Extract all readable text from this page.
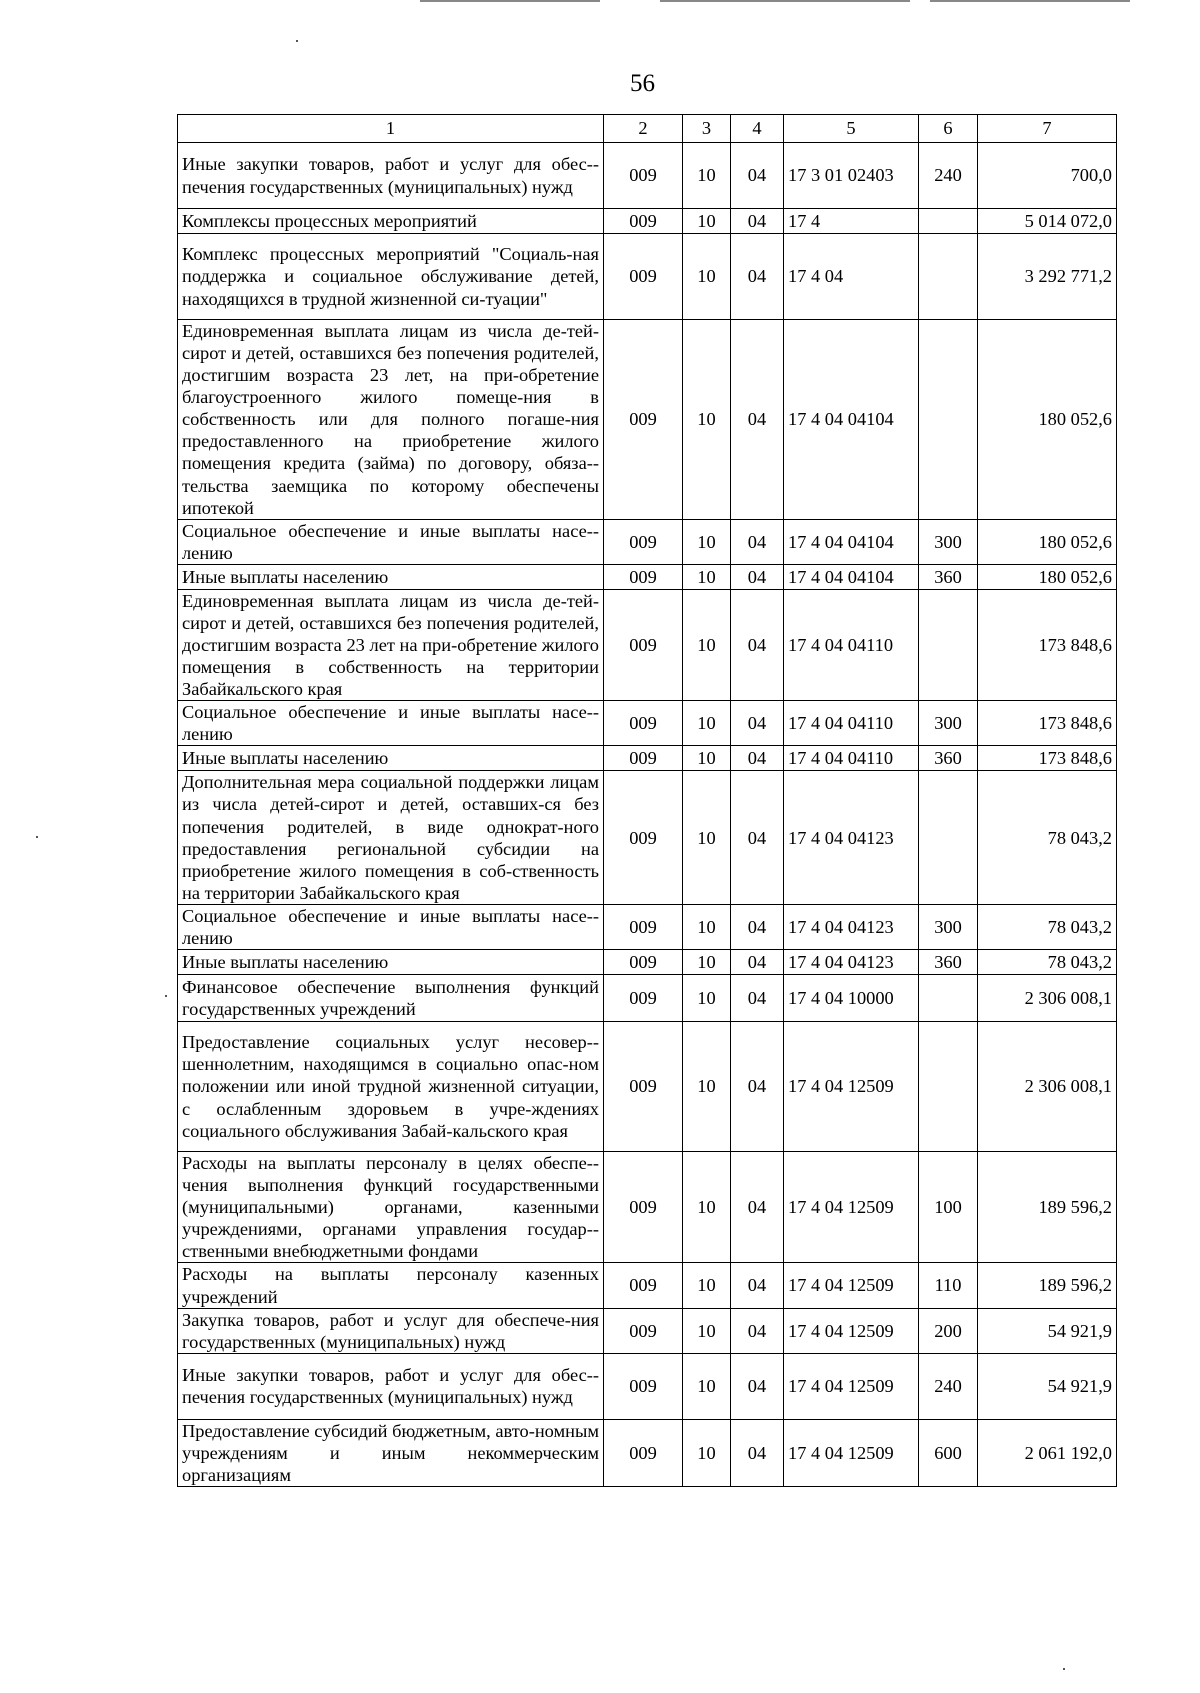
56
1	2	3	4	5	6	7
Иные закупки товаров, работ и услуг для обес-печения государственных (муниципальных) нужд	009	10	04	17 3 01 02403	240	700,0
Комплексы процессных мероприятий	009	10	04	17 4		5 014 072,0
Комплекс процессных мероприятий "Социаль-ная поддержка и социальное обслуживание детей, находящихся в трудной жизненной си-туации"	009	10	04	17 4 04		3 292 771,2
Единовременная выплата лицам из числа де-тей-сирот и детей, оставшихся без попечения родителей, достигшим возраста 23 лет, на при-обретение благоустроенного жилого помеще-ния в собственность или для полного погаше-ния предоставленного на приобретение жилого помещения кредита (займа) по договору, обяза-тельства заемщика по которому обеспечены ипотекой	009	10	04	17 4 04 04104		180 052,6
Социальное обеспечение и иные выплаты насе-лению	009	10	04	17 4 04 04104	300	180 052,6
Иные выплаты населению	009	10	04	17 4 04 04104	360	180 052,6
Единовременная выплата лицам из числа де-тей-сирот и детей, оставшихся без попечения родителей, достигшим возраста 23 лет на при-обретение жилого помещения в собственность на территории Забайкальского края	009	10	04	17 4 04 04110		173 848,6
Социальное обеспечение и иные выплаты насе-лению	009	10	04	17 4 04 04110	300	173 848,6
Иные выплаты населению	009	10	04	17 4 04 04110	360	173 848,6
Дополнительная мера социальной поддержки лицам из числа детей-сирот и детей, оставших-ся без попечения родителей, в виде однократ-ного предоставления региональной субсидии на приобретение жилого помещения в соб-ственность на территории Забайкальского края	009	10	04	17 4 04 04123		78 043,2
Социальное обеспечение и иные выплаты насе-лению	009	10	04	17 4 04 04123	300	78 043,2
Иные выплаты населению	009	10	04	17 4 04 04123	360	78 043,2
Финансовое обеспечение выполнения функций государственных учреждений	009	10	04	17 4 04 10000		2 306 008,1
Предоставление социальных услуг несовер-шеннолетним, находящимся в социально опас-ном положении или иной трудной жизненной ситуации, с ослабленным здоровьем в учре-ждениях социального обслуживания Забай-кальского края	009	10	04	17 4 04 12509		2 306 008,1
Расходы на выплаты персоналу в целях обеспе-чения выполнения функций государственными (муниципальными) органами, казенными учреждениями, органами управления государ-ственными внебюджетными фондами	009	10	04	17 4 04 12509	100	189 596,2
Расходы на выплаты персоналу казенных учреждений	009	10	04	17 4 04 12509	110	189 596,2
Закупка товаров, работ и услуг для обеспече-ния государственных (муниципальных) нужд	009	10	04	17 4 04 12509	200	54 921,9
Иные закупки товаров, работ и услуг для обес-печения государственных (муниципальных) нужд	009	10	04	17 4 04 12509	240	54 921,9
Предоставление субсидий бюджетным, авто-номным учреждениям и иным некоммерческим организациям	009	10	04	17 4 04 12509	600	2 061 192,0
